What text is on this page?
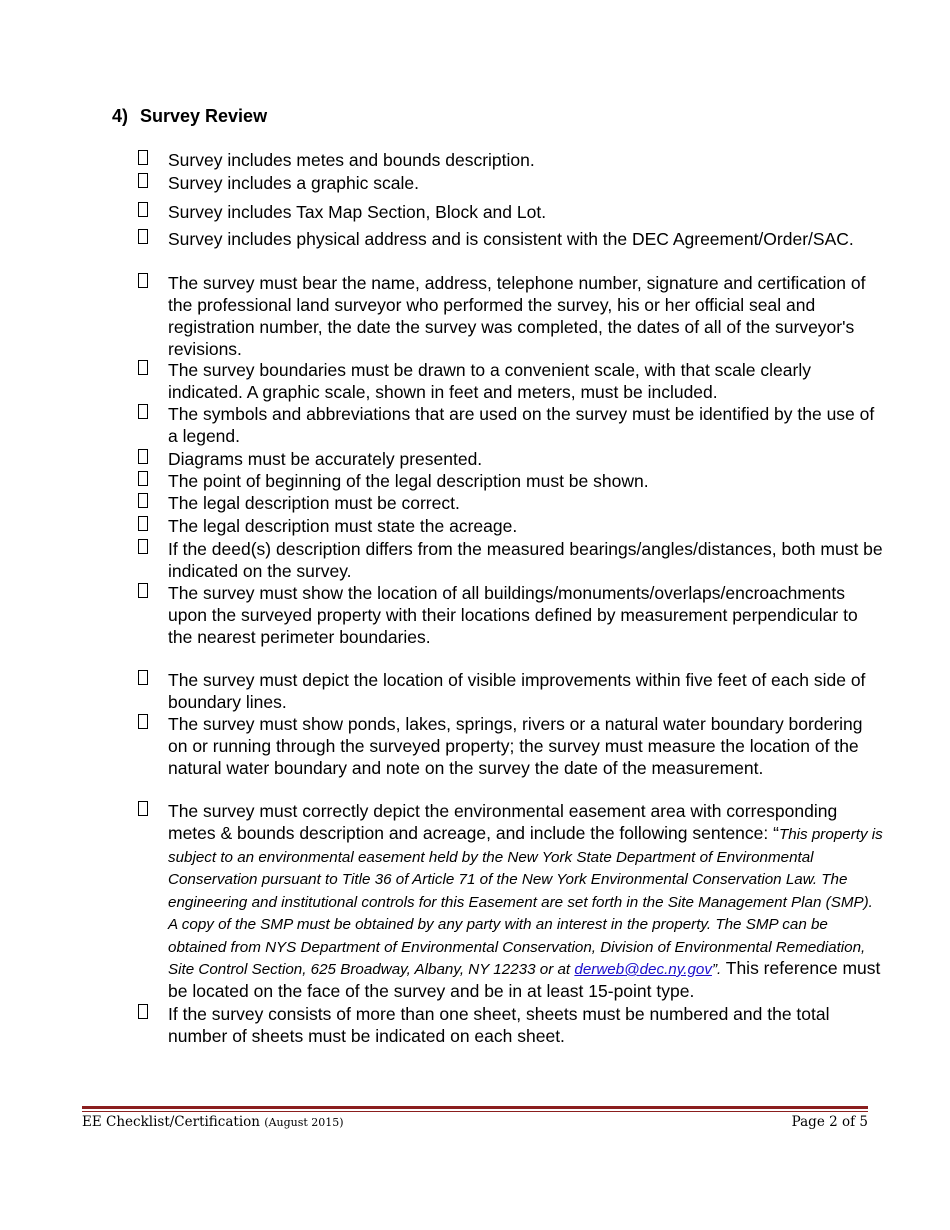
4) Survey Review
Survey includes metes and bounds description.
Survey includes a graphic scale.
Survey includes Tax Map Section, Block and Lot.
Survey includes physical address and is consistent with the DEC Agreement/Order/SAC.
The survey must bear the name, address, telephone number, signature and certification of the professional land surveyor who performed the survey, his or her official seal and registration number, the date the survey was completed, the dates of all of the surveyor's revisions.
The survey boundaries must be drawn to a convenient scale, with that scale clearly indicated. A graphic scale, shown in feet and meters, must be included.
The symbols and abbreviations that are used on the survey must be identified by the use of a legend.
Diagrams must be accurately presented.
The point of beginning of the legal description must be shown.
The legal description must be correct.
The legal description must state the acreage.
If the deed(s) description differs from the measured bearings/angles/distances, both must be indicated on the survey.
The survey must show the location of all buildings/monuments/overlaps/encroachments upon the surveyed property with their locations defined by measurement perpendicular to the nearest perimeter boundaries.
The survey must depict the location of visible improvements within five feet of each side of boundary lines.
The survey must show ponds, lakes, springs, rivers or a natural water boundary bordering on or running through the surveyed property; the survey must measure the location of the natural water boundary and note on the survey the date of the measurement.
The survey must correctly depict the environmental easement area with corresponding metes & bounds description and acreage, and include the following sentence: “This property is subject to an environmental easement held by the New York State Department of Environmental Conservation pursuant to Title 36 of Article 71 of the New York Environmental Conservation Law. The engineering and institutional controls for this Easement are set forth in the Site Management Plan (SMP). A copy of the SMP must be obtained by any party with an interest in the property. The SMP can be obtained from NYS Department of Environmental Conservation, Division of Environmental Remediation, Site Control Section, 625 Broadway, Albany, NY 12233 or at derweb@dec.ny.gov”. This reference must be located on the face of the survey and be in at least 15-point type.
If the survey consists of more than one sheet, sheets must be numbered and the total number of sheets must be indicated on each sheet.
EE Checklist/Certification (August 2015)	Page 2 of 5
